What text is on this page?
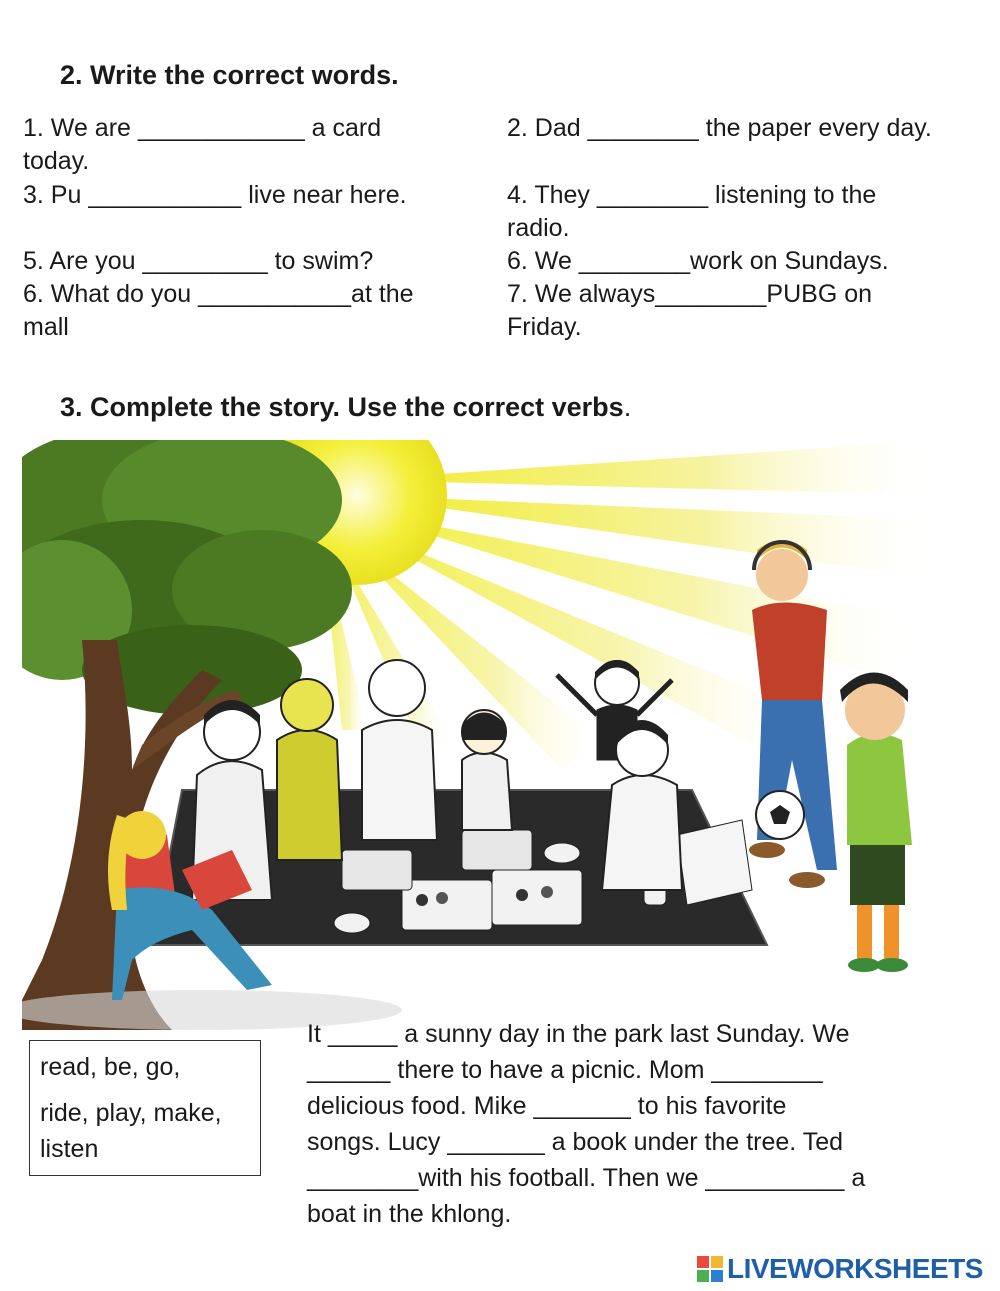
2. Write the correct words.
1. We are ____________ a card
today.
3. Pu ___________ live near here.
5. Are you _________ to swim?
6. What do you ___________at the
mall
2. Dad ________ the paper every day.
4. They ________ listening to the
radio.
6. We ________work on Sundays.
7. We always________PUBG on
Friday.
3. Complete the story. Use the correct verbs.
read, be, go,
ride, play, make,
listen
It _____ a sunny day in the park last Sunday. We
______ there to have a picnic. Mom ________
delicious food. Mike _______ to his favorite
songs. Lucy _______ a book under the tree. Ted
________with his football. Then we __________ a
boat in the khlong.
LIVEWORKSHEETS
